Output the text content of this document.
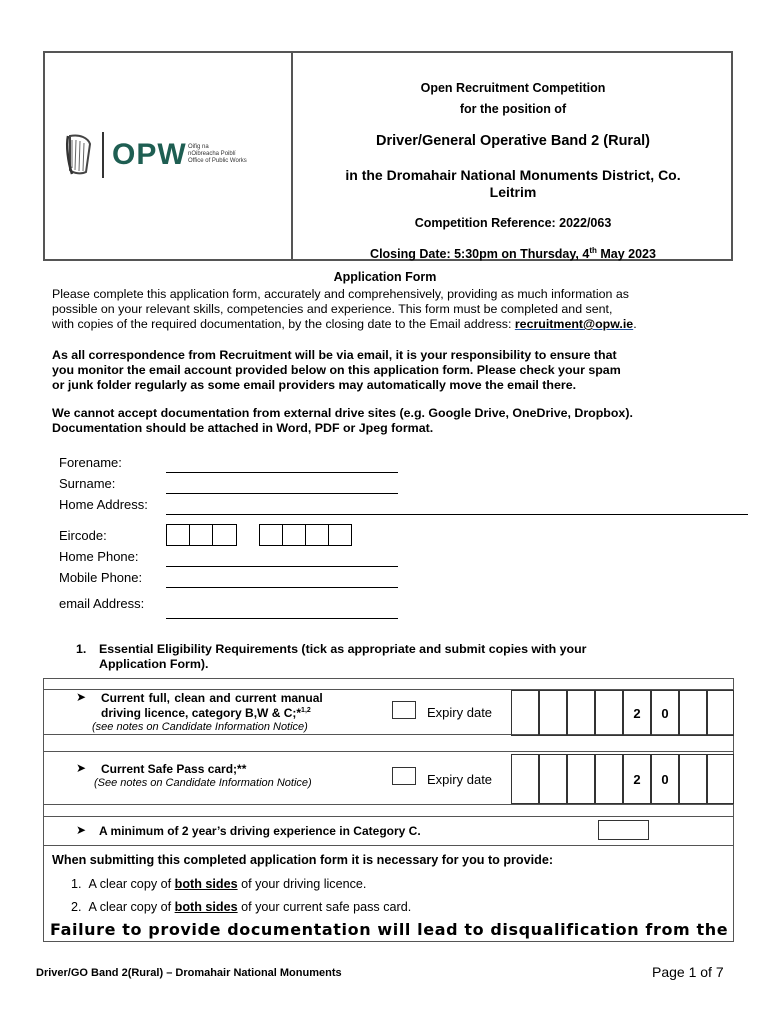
OPW Oifig na
nOibreacha Poiblí
Office of Public Works
Open Recruitment Competition
for the position of
Driver/General Operative Band 2 (Rural)
in the Dromahair National Monuments District, Co.
Leitrim
Competition Reference: 2022/063
Closing Date: 5:30pm on Thursday, 4th May 2023
Application Form
Please complete this application form, accurately and comprehensively, providing as much information as
possible on your relevant skills, competencies and experience. This form must be completed and sent,
with copies of the required documentation, by the closing date to the Email address: recruitment@opw.ie.
As all correspondence from Recruitment will be via email, it is your responsibility to ensure that
you monitor the email account provided below on this application form. Please check your spam
or junk folder regularly as some email providers may automatically move the email there.
We cannot accept documentation from external drive sites (e.g. Google Drive, OneDrive, Dropbox).
Documentation should be attached in Word, PDF or Jpeg format.
Forename:
Surname:
Home Address:
Eircode:
Home Phone:
Mobile Phone:
email Address:
1. Essential Eligibility Requirements (tick as appropriate and submit copies with your
Application Form).
➤ Current full, clean and current manual
driving licence, category B,W & C;*$^{1,2}$
(see notes on Candidate Information Notice)
Expiry date	2	0
➤ Current Safe Pass card;**
(See notes on Candidate Information Notice)	Expiry date	2	0
➤ A minimum of 2 year’s driving experience in Category C.
When submitting this completed application form it is necessary for you to provide:
1. A clear copy of both sides of your driving licence.
2. A clear copy of both sides of your current safe pass card.
Failure to provide documentation will lead to disqualification from the
Driver/GO Band 2(Rural) – Dromahair National Monuments	Page 1 of 7
